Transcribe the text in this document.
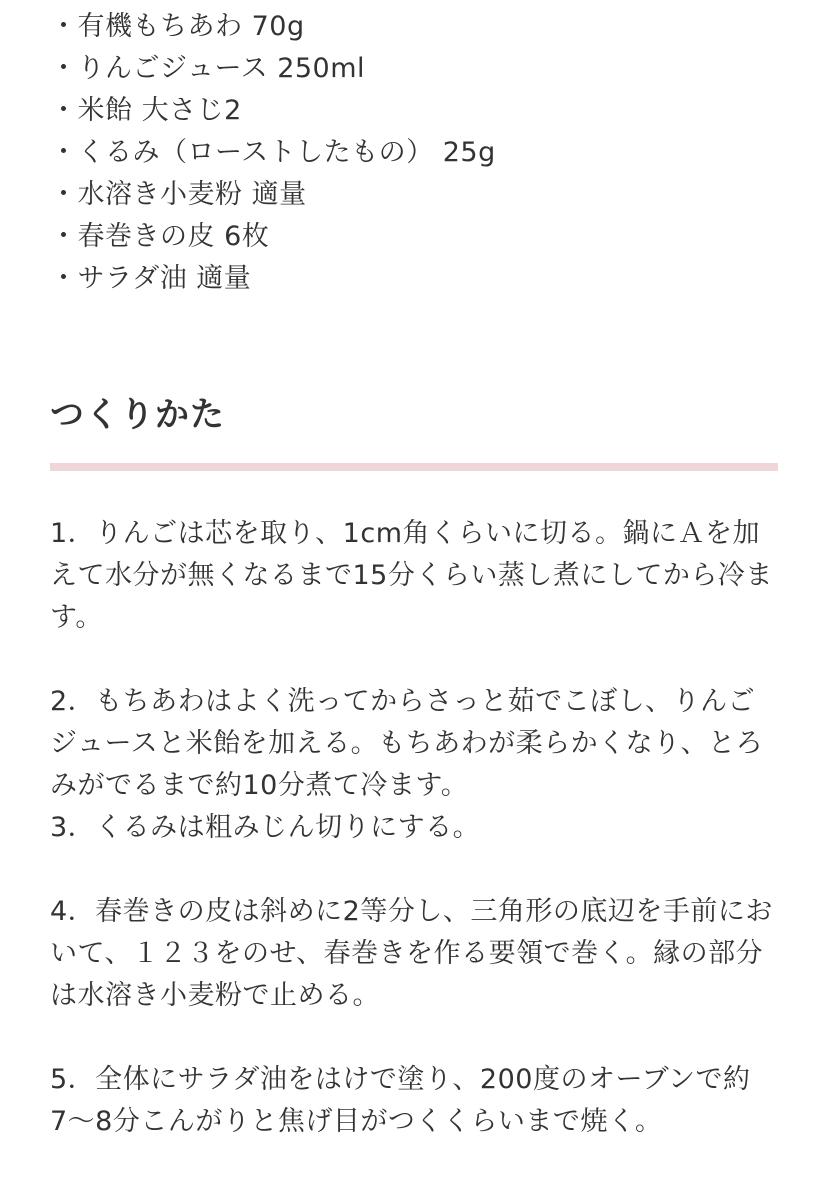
・有機もちあわ 70g
・りんごジュース 250ml
・米飴 大さじ2
・くるみ（ローストしたもの） 25g
・水溶き小麦粉 適量
・春巻きの皮 6枚
・サラダ油 適量
つくりかた

1．りんごは芯を取り、1cm角くらいに切る。鍋にＡを加えて水分が無くなるまで15分くらい蒸し煮にしてから冷ます。

2．もちあわはよく洗ってからさっと茹でこぼし、りんごジュースと米飴を加える。もちあわが柔らかくなり、とろみがでるまで約10分煮て冷ます。

3．くるみは粗みじん切りにする。

4．春巻きの皮は斜めに2等分し、三角形の底辺を手前において、１２３をのせ、春巻きを作る要領で巻く。縁の部分は水溶き小麦粉で止める。

5．全体にサラダ油をはけで塗り、200度のオーブンで約7〜8分こんがりと焦げ目がつくくらいまで焼く。
